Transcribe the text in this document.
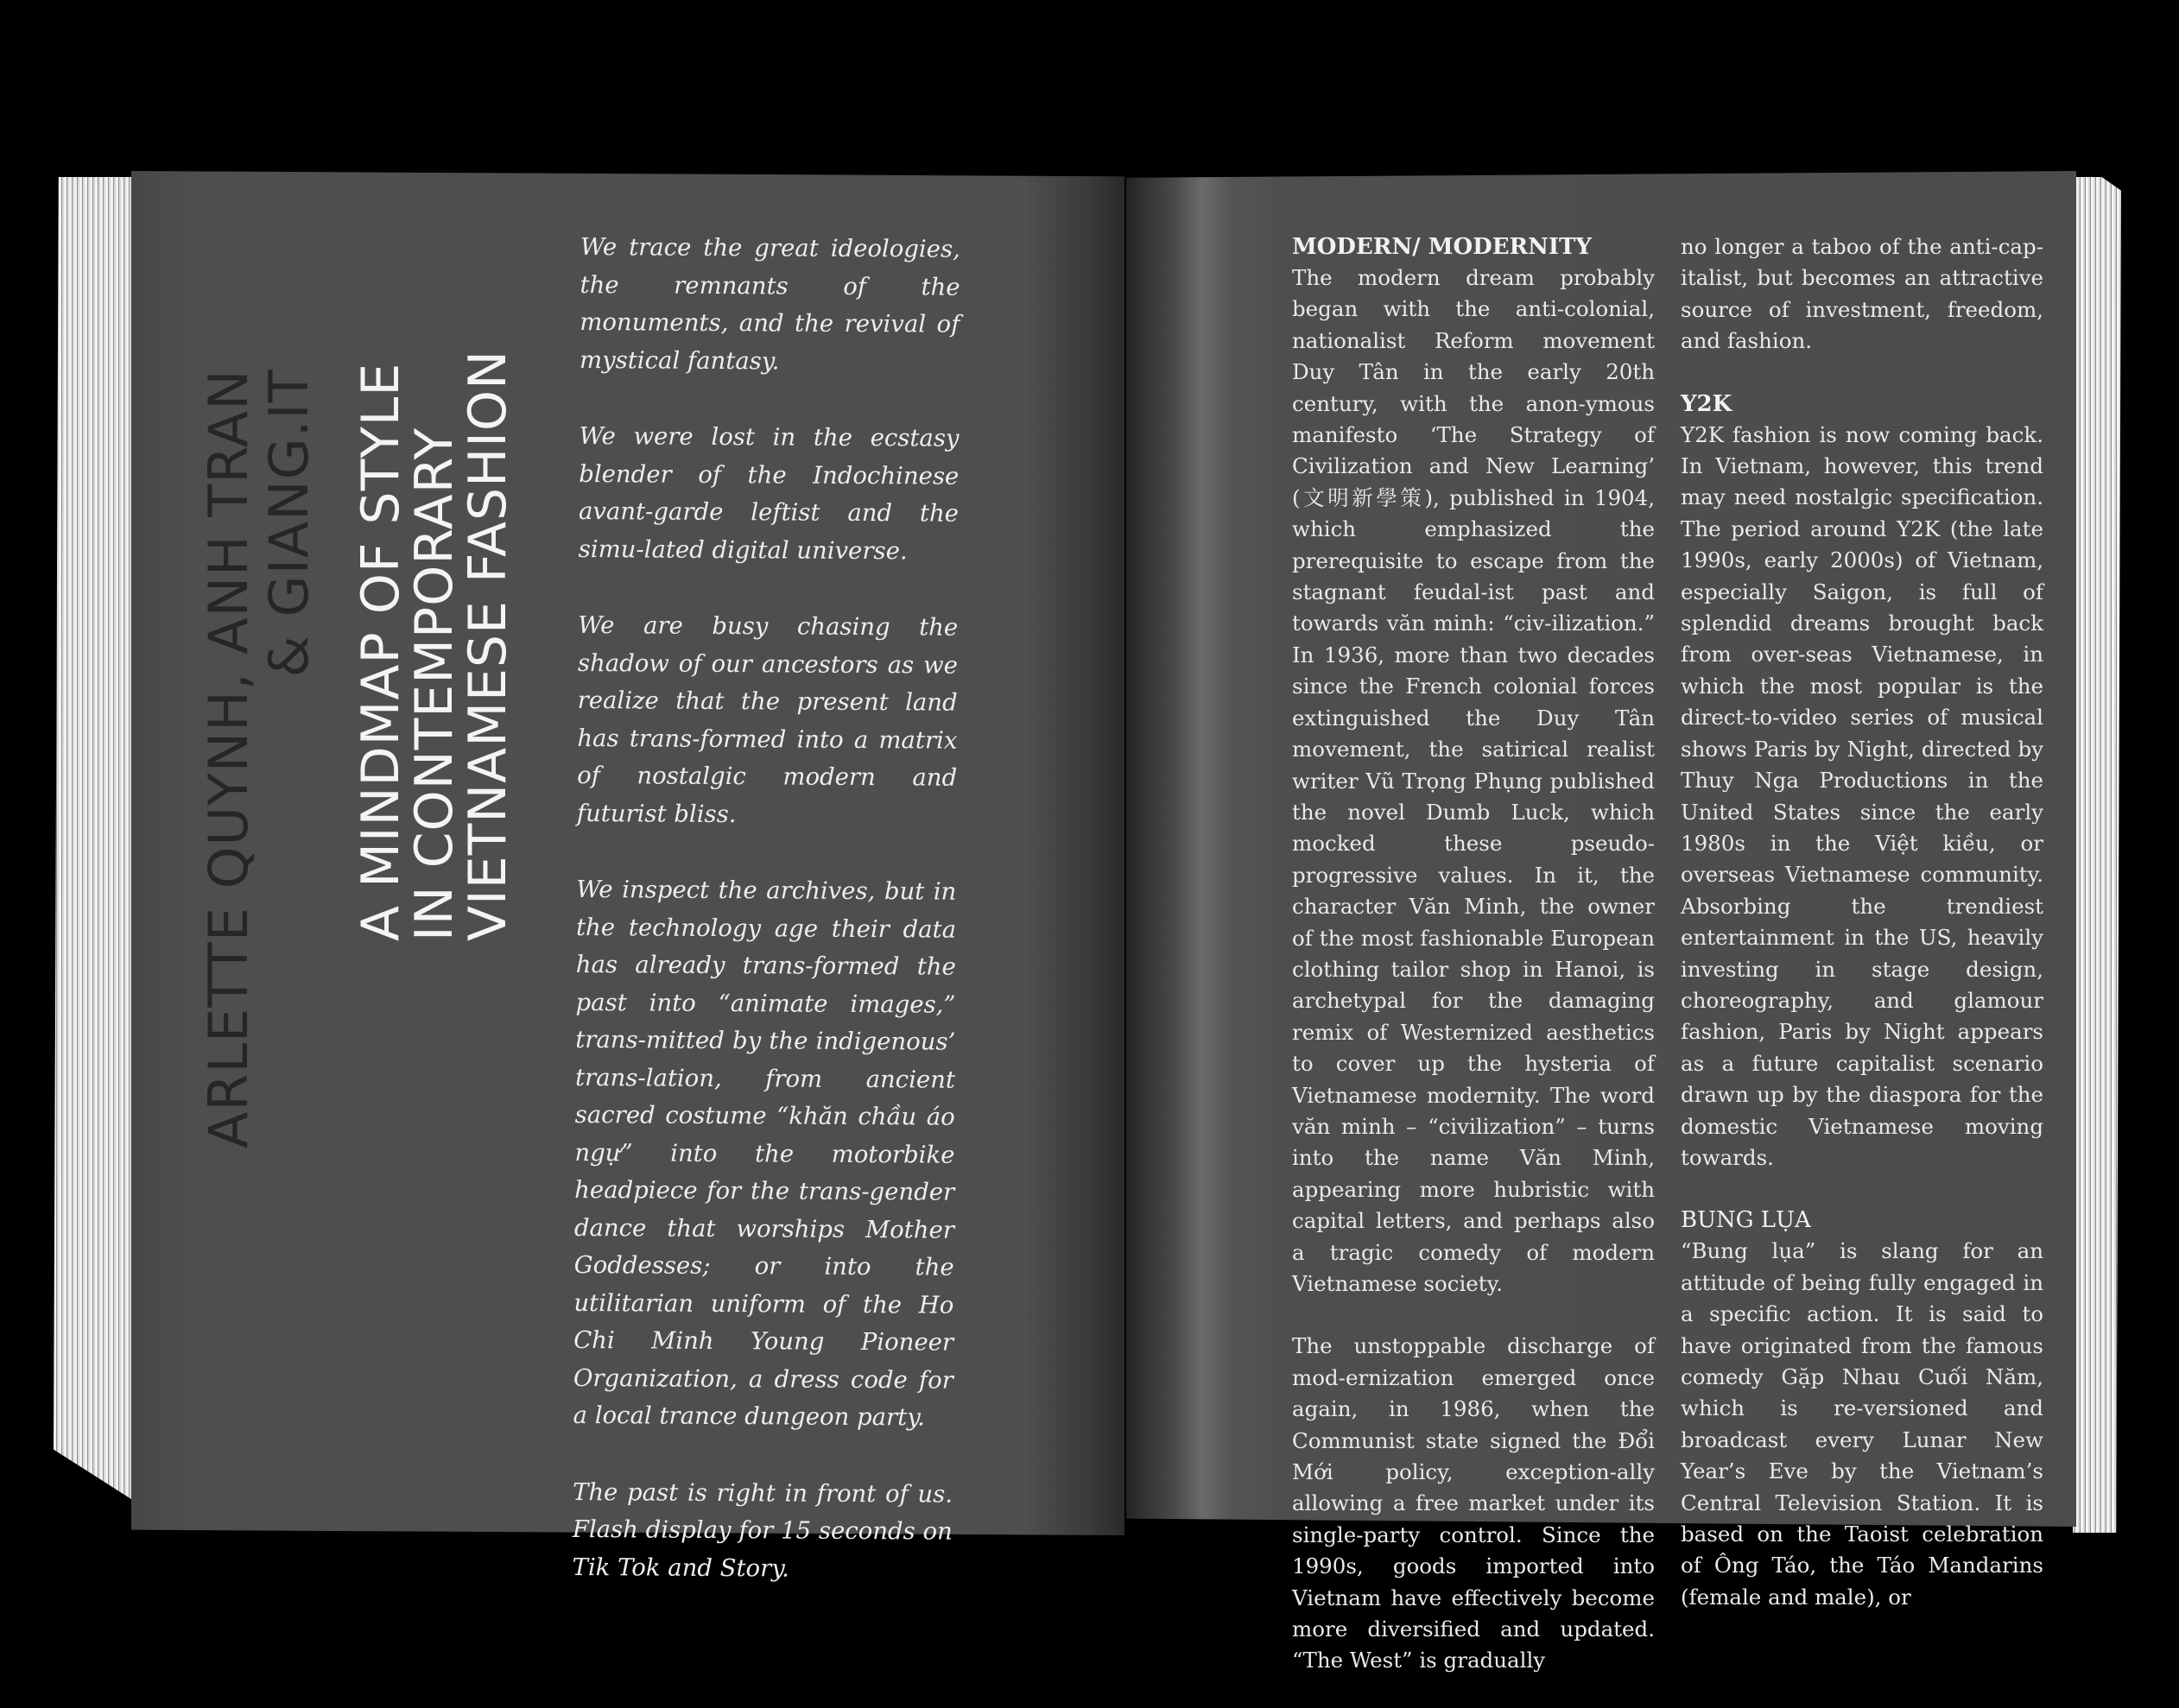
ARLETTE QUYNH, ANH TRAN
& GIANG.IT A MINDMAP OF STYLE
IN CONTEMPORARY
VIETNAMESE FASHION

We trace the great ideologies, the remnants of the monuments, and the revival of mystical fantasy.

We were lost in the ecstasy blender of the Indochinese avant-garde leftist and the simu-lated digital universe.

We are busy chasing the shadow of our ancestors as we realize that the present land has trans-formed into a matrix of nostalgic modern and futurist bliss.

We inspect the archives, but in the technology age their data has already trans-formed the past into “animate images,” trans-mitted by the indigenous’ trans-lation, from ancient sacred costume “khăn chầu áo ngự” into the motorbike headpiece for the trans-gender dance that worships Mother Goddesses; or into the utilitarian uniform of the Ho Chi Minh Young Pioneer Organization, a dress code for a local trance dungeon party.

The past is right in front of us. Flash display for 15 seconds on Tik Tok and Story.

MODERN/ MODERNITY

The modern dream probably began with the anti-colonial, nationalist Reform movement Duy Tân in the early 20th century, with the anon-ymous manifesto ‘The Strategy of Civilization and New Learning’ (文明新學策), published in 1904, which emphasized the prerequisite to escape from the stagnant feudal-ist past and towards văn minh: “civ-ilization.” In 1936, more than two decades since the French colonial forces extinguished the Duy Tân movement, the satirical realist writer Vũ Trọng Phụng published the novel Dumb Luck, which mocked these pseudo-progressive values. In it, the character Văn Minh, the owner of the most fashionable European clothing tailor shop in Hanoi, is archetypal for the damaging remix of Westernized aesthetics to cover up the hysteria of Vietnamese modernity. The word văn minh – “civilization” – turns into the name Văn Minh, appearing more hubristic with capital letters, and perhaps also a tragic comedy of modern Vietnamese society.

The unstoppable discharge of mod-ernization emerged once again, in 1986, when the Communist state signed the Đổi Mới policy, exception-ally allowing a free market under its single-party control. Since the 1990s, goods imported into Vietnam have effectively become more diversified and updated. “The West” is gradually

no longer a taboo of the anti-cap-italist, but becomes an attractive source of investment, freedom, and fashion.

Y2K

Y2K fashion is now coming back. In Vietnam, however, this trend may need nostalgic specification. The period around Y2K (the late 1990s, early 2000s) of Vietnam, especially Saigon, is full of splendid dreams brought back from over-seas Vietnamese, in which the most popular is the direct-to-video series of musical shows Paris by Night, directed by Thuy Nga Productions in the United States since the early 1980s in the Việt kiều, or overseas Vietnamese community. Absorbing the trendiest entertainment in the US, heavily investing in stage design, choreography, and glamour fashion, Paris by Night appears as a future capitalist scenario drawn up by the diaspora for the domestic Vietnamese moving towards.

BUNG LỤA

“Bung lụa” is slang for an attitude of being fully engaged in a specific action. It is said to have originated from the famous comedy Gặp Nhau Cuối Năm, which is re-versioned and broadcast every Lunar New Year’s Eve by the Vietnam’s Central Television Station. It is based on the Taoist celebration of Ông Táo, the Táo Mandarins (female and male), or
